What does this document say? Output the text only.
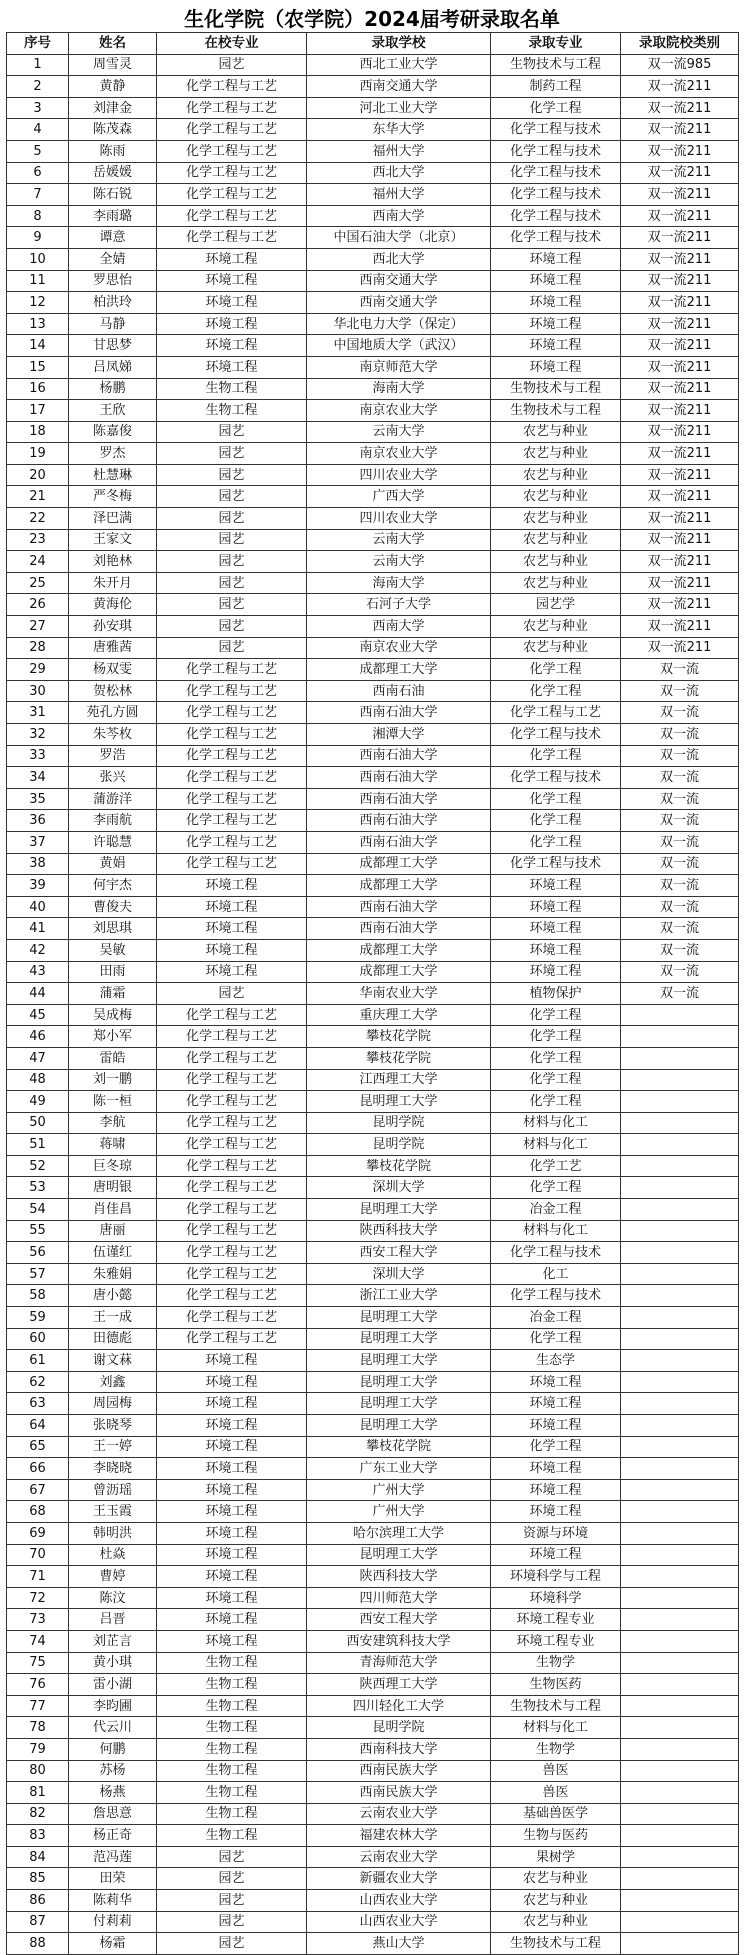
生化学院（农学院）2024届考研录取名单
序号	姓名	在校专业	录取学校	录取专业	录取院校类别
1	周雪灵	园艺	西北工业大学	生物技术与工程	双一流985
2	黄静	化学工程与工艺	西南交通大学	制药工程	双一流211
3	刘津金	化学工程与工艺	河北工业大学	化学工程	双一流211
4	陈茂森	化学工程与工艺	东华大学	化学工程与技术	双一流211
5	陈雨	化学工程与工艺	福州大学	化学工程与技术	双一流211
6	岳媛媛	化学工程与工艺	西北大学	化学工程与技术	双一流211
7	陈石锐	化学工程与工艺	福州大学	化学工程与技术	双一流211
8	李雨璐	化学工程与工艺	西南大学	化学工程与技术	双一流211
9	谭意	化学工程与工艺	中国石油大学（北京）	化学工程与技术	双一流211
10	全婧	环境工程	西北大学	环境工程	双一流211
11	罗思怡	环境工程	西南交通大学	环境工程	双一流211
12	柏洪玲	环境工程	西南交通大学	环境工程	双一流211
13	马静	环境工程	华北电力大学（保定）	环境工程	双一流211
14	甘思梦	环境工程	中国地质大学（武汉）	环境工程	双一流211
15	吕凤娣	环境工程	南京师范大学	环境工程	双一流211
16	杨鹏	生物工程	海南大学	生物技术与工程	双一流211
17	王欣	生物工程	南京农业大学	生物技术与工程	双一流211
18	陈嘉俊	园艺	云南大学	农艺与种业	双一流211
19	罗杰	园艺	南京农业大学	农艺与种业	双一流211
20	杜慧琳	园艺	四川农业大学	农艺与种业	双一流211
21	严冬梅	园艺	广西大学	农艺与种业	双一流211
22	泽巴满	园艺	四川农业大学	农艺与种业	双一流211
23	王家文	园艺	云南大学	农艺与种业	双一流211
24	刘艳林	园艺	云南大学	农艺与种业	双一流211
25	朱开月	园艺	海南大学	农艺与种业	双一流211
26	黄海伦	园艺	石河子大学	园艺学	双一流211
27	孙安琪	园艺	西南大学	农艺与种业	双一流211
28	唐雅茜	园艺	南京农业大学	农艺与种业	双一流211
29	杨双雯	化学工程与工艺	成都理工大学	化学工程	双一流
30	贺松林	化学工程与工艺	西南石油	化学工程	双一流
31	苑孔方圆	化学工程与工艺	西南石油大学	化学工程与工艺	双一流
32	朱芩枚	化学工程与工艺	湘潭大学	化学工程与技术	双一流
33	罗浩	化学工程与工艺	西南石油大学	化学工程	双一流
34	张兴	化学工程与工艺	西南石油大学	化学工程与技术	双一流
35	蒲游洋	化学工程与工艺	西南石油大学	化学工程	双一流
36	李雨航	化学工程与工艺	西南石油大学	化学工程	双一流
37	许聪慧	化学工程与工艺	西南石油大学	化学工程	双一流
38	黄娟	化学工程与工艺	成都理工大学	化学工程与技术	双一流
39	何宇杰	环境工程	成都理工大学	环境工程	双一流
40	曹俊夫	环境工程	西南石油大学	环境工程	双一流
41	刘思琪	环境工程	西南石油大学	环境工程	双一流
42	吴敏	环境工程	成都理工大学	环境工程	双一流
43	田雨	环境工程	成都理工大学	环境工程	双一流
44	蒲霜	园艺	华南农业大学	植物保护	双一流
45	吴成梅	化学工程与工艺	重庆理工大学	化学工程	
46	郑小军	化学工程与工艺	攀枝花学院	化学工程	
47	雷皓	化学工程与工艺	攀枝花学院	化学工程	
48	刘一鹏	化学工程与工艺	江西理工大学	化学工程	
49	陈一桓	化学工程与工艺	昆明理工大学	化学工程	
50	李航	化学工程与工艺	昆明学院	材料与化工	
51	蒋啸	化学工程与工艺	昆明学院	材料与化工	
52	巨冬琼	化学工程与工艺	攀枝花学院	化学工艺	
53	唐明银	化学工程与工艺	深圳大学	化学工程	
54	肖佳昌	化学工程与工艺	昆明理工大学	冶金工程	
55	唐丽	化学工程与工艺	陕西科技大学	材料与化工	
56	伍谨红	化学工程与工艺	西安工程大学	化学工程与技术	
57	朱雅娟	化学工程与工艺	深圳大学	化工	
58	唐小懿	化学工程与工艺	浙江工业大学	化学工程与技术	
59	王一成	化学工程与工艺	昆明理工大学	冶金工程	
60	田德彪	化学工程与工艺	昆明理工大学	化学工程	
61	谢文菻	环境工程	昆明理工大学	生态学	
62	刘鑫	环境工程	昆明理工大学	环境工程	
63	周园梅	环境工程	昆明理工大学	环境工程	
64	张晓琴	环境工程	昆明理工大学	环境工程	
65	王一婷	环境工程	攀枝花学院	化学工程	
66	李晓晓	环境工程	广东工业大学	环境工程	
67	曾沥瑶	环境工程	广州大学	环境工程	
68	王玉霞	环境工程	广州大学	环境工程	
69	韩明洪	环境工程	哈尔滨理工大学	资源与环境	
70	杜焱	环境工程	昆明理工大学	环境工程	
71	曹婷	环境工程	陕西科技大学	环境科学与工程	
72	陈汶	环境工程	四川师范大学	环境科学	
73	吕晋	环境工程	西安工程大学	环境工程专业	
74	刘芷言	环境工程	西安建筑科技大学	环境工程专业	
75	黄小琪	生物工程	青海师范大学	生物学	
76	雷小湖	生物工程	陕西理工大学	生物医药	
77	李昀圃	生物工程	四川轻化工大学	生物技术与工程	
78	代云川	生物工程	昆明学院	材料与化工	
79	何鹏	生物工程	西南科技大学	生物学	
80	苏杨	生物工程	西南民族大学	兽医	
81	杨燕	生物工程	西南民族大学	兽医	
82	詹思意	生物工程	云南农业大学	基础兽医学	
83	杨正奇	生物工程	福建农林大学	生物与医药	
84	范冯莲	园艺	云南农业大学	果树学	
85	田荣	园艺	新疆农业大学	农艺与种业	
86	陈莉华	园艺	山西农业大学	农艺与种业	
87	付莉莉	园艺	山西农业大学	农艺与种业	
88	杨霜	园艺	燕山大学	生物技术与工程	
